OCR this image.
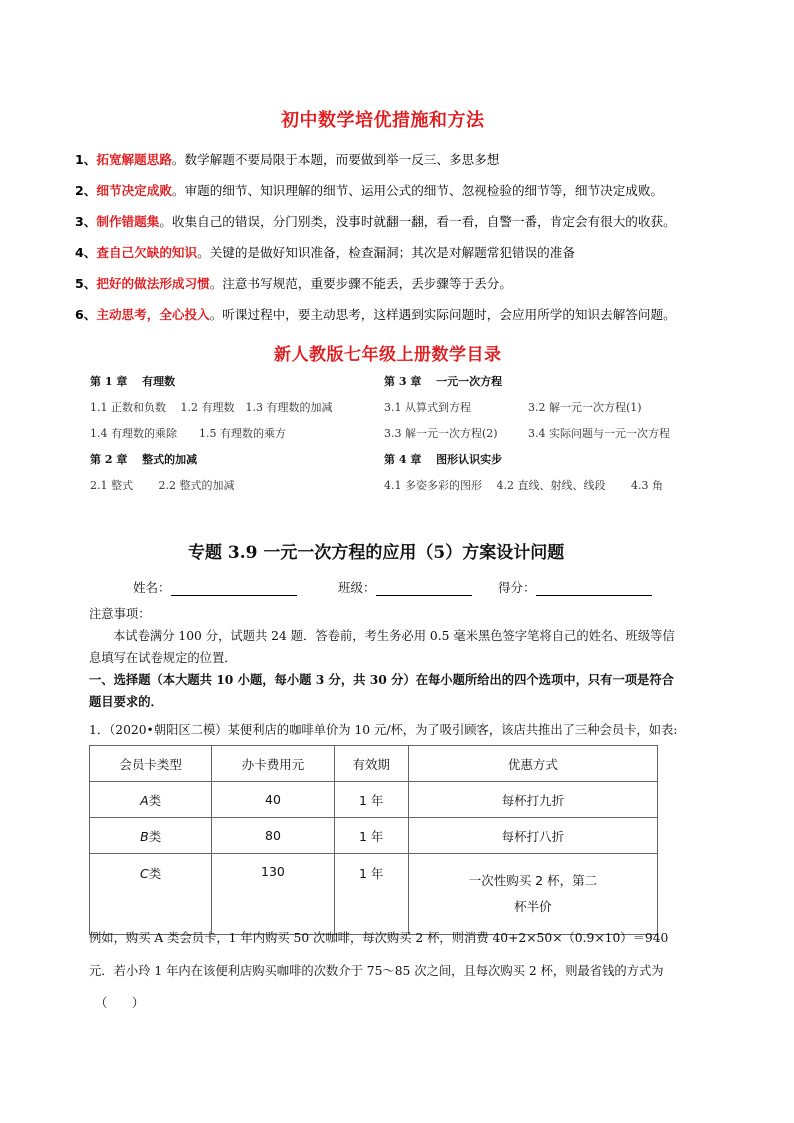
初中数学培优措施和方法
1、拓宽解题思路。数学解题不要局限于本题，而要做到举一反三、多思多想
2、细节决定成败。审题的细节、知识理解的细节、运用公式的细节、忽视检验的细节等，细节决定成败。
3、制作错题集。收集自己的错误，分门别类，没事时就翻一翻，看一看，自警一番，肯定会有很大的收获。
4、查自己欠缺的知识。关键的是做好知识准备，检查漏洞；其次是对解题常犯错误的准备
5、把好的做法形成习惯。注意书写规范，重要步骤不能丢，丢步骤等于丢分。
6、主动思考，全心投入。听课过程中，要主动思考，这样遇到实际问题时，会应用所学的知识去解答问题。
新人教版七年级上册数学目录
第 1 章　 有理数
1.1 正数和负数　 1.2 有理数　1.3 有理数的加减
1.4 有理数的乘除　　1.5 有理数的乘方
第 2 章　 整式的加减
2.1 整式　　 2.2 整式的加减
第 3 章　 一元一次方程
3.1 从算式到方程	3.2 解一元一次方程(1)
3.3 解一元一次方程(2)	3.4 实际问题与一元一次方程
第 4 章　 图形认识实步
4.1 多姿多彩的图形　 4.2 直线、射线、线段　　 4.3 角
专题 3.9 一元一次方程的应用（5）方案设计问题
姓名：	班级：	得分：
注意事项：
本试卷满分 100 分，试题共 24 题．答卷前，考生务必用 0.5 毫米黑色签字笔将自己的姓名、班级等信
息填写在试卷规定的位置．
一、选择题（本大题共 10 小题，每小题 3 分，共 30 分）在每小题所给出的四个选项中，只有一项是符合
题目要求的．
1．（2020•朝阳区二模）某便利店的咖啡单价为 10 元/杯，为了吸引顾客，该店共推出了三种会员卡，如表:
会员卡类型	办卡费用元	有效期	优惠方式
A类	40	1 年	每杯打九折
B类	80	1 年	每杯打八折
C类	130	1 年	一次性购买 2 杯，第二
杯半价
例如，购买 A 类会员卡，1 年内购买 50 次咖啡，每次购买 2 杯，则消费 40+2×50×（0.9×10）＝940
元．若小玲 1 年内在该便利店购买咖啡的次数介于 75～85 次之间，且每次购买 2 杯，则最省钱的方式为
（　　）
